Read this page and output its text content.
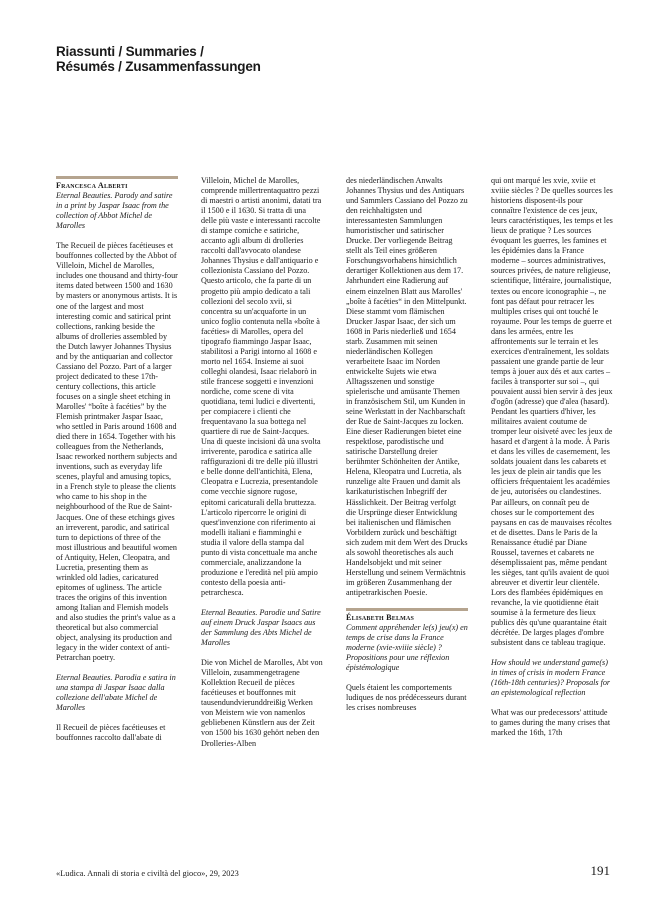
Riassunti / Summaries /
Résumés / Zusammenfassungen

Francesca Alberti

Eternal Beauties. Parody and satire in a print by Jaspar Isaac from the collection of Abbot Michel de Marolles

The Recueil de pièces facétieuses et bouffonnes collected by the Abbot of Villeloin, Michel de Marolles, includes one thousand and thirty-four items dated between 1500 and 1630 by masters or anonymous artists. It is one of the largest and most interesting comic and satirical print collections, ranking beside the albums of drolleries assembled by the Dutch lawyer Johannes Thysius and by the antiquarian and collector Cassiano del Pozzo. Part of a larger project dedicated to these 17th-century collections, this article focuses on a single sheet etching in Marolles' “boîte à facéties” by the Flemish printmaker Jaspar Isaac, who settled in Paris around 1608 and died there in 1654. Together with his colleagues from the Netherlands, Isaac reworked northern subjects and inventions, such as everyday life scenes, playful and amusing topics, in a French style to please the clients who came to his shop in the neighbourhood of the Rue de Saint-Jacques. One of these etchings gives an irreverent, parodic, and satirical turn to depictions of three of the most illustrious and beautiful women of Antiquity, Helen, Cleopatra, and Lucretia, presenting them as wrinkled old ladies, caricatured epitomes of ugliness. The article traces the origins of this invention among Italian and Flemish models and also studies the print's value as a theoretical but also commercial object, analysing its production and legacy in the wider context of anti-Petrarchan poetry.

Eternal Beauties. Parodia e satira in una stampa di Jaspar Isaac dalla collezione dell'abate Michel de Marolles

Il Recueil de pièces facétieuses et bouffonnes raccolto dall'abate di

Villeloin, Michel de Marolles, comprende millertrentaquattro pezzi di maestri o artisti anonimi, datati tra il 1500 e il 1630. Si tratta di una delle più vaste e interessanti raccolte di stampe comiche e satiriche, accanto agli album di drolleries raccolti dall'avvocato olandese Johannes Thysius e dall'antiquario e collezionista Cassiano del Pozzo. Questo articolo, che fa parte di un progetto più ampio dedicato a tali collezioni del secolo xvii, si concentra su un'acquaforte in un unico foglio contenuta nella «boîte à facéties» di Marolles, opera del tipografo fiammingo Jaspar Isaac, stabilitosi a Parigi intorno al 1608 e morto nel 1654. Insieme ai suoi colleghi olandesi, Isaac rielaborò in stile francese soggetti e invenzioni nordiche, come scene di vita quotidiana, temi ludici e divertenti, per compiacere i clienti che frequentavano la sua bottega nel quartiere di rue de Saint-Jacques. Una di queste incisioni dà una svolta irriverente, parodica e satirica alle raffigurazioni di tre delle più illustri e belle donne dell'antichità, Elena, Cleopatra e Lucrezia, presentandole come vecchie signore rugose, epitomi caricaturali della bruttezza. L'articolo ripercorre le origini di quest'invenzione con riferimento ai modelli italiani e fiamminghi e studia il valore della stampa dal punto di vista concettuale ma anche commerciale, analizzandone la produzione e l'eredità nel più ampio contesto della poesia anti-petrarchesca.

Eternal Beauties. Parodie und Satire auf einem Druck Jaspar Isaacs aus der Sammlung des Abts Michel de Marolles

Die von Michel de Marolles, Abt von Villeloin, zusammengetragene Kollektion Recueil de pièces facétieuses et bouffonnes mit tausendundvierunddreißig Werken von Meistern wie von namenlos gebliebenen Künstlern aus der Zeit von 1500 bis 1630 gehört neben den Drolleries-Alben

des niederländischen Anwalts Johannes Thysius und des Antiquars und Sammlers Cassiano del Pozzo zu den reichhaltigsten und interessantesten Sammlungen humoristischer und satirischer Drucke. Der vorliegende Beitrag stellt als Teil eines größeren Forschungsvorhabens hinsichtlich derartiger Kollektionen aus dem 17. Jahrhundert eine Radierung auf einem einzelnen Blatt aus Marolles' „boîte à facéties“ in den Mittelpunkt. Diese stammt vom flämischen Drucker Jaspar Isaac, der sich um 1608 in Paris niederließ und 1654 starb. Zusammen mit seinen niederländischen Kollegen verarbeitete Isaac im Norden entwickelte Sujets wie etwa Alltagsszenen und sonstige spielerische und amüsante Themen in französischem Stil, um Kunden in seine Werkstatt in der Nachbarschaft der Rue de Saint-Jacques zu locken. Eine dieser Radierungen bietet eine respektlose, parodistische und satirische Darstellung dreier berühmter Schönheiten der Antike, Helena, Kleopatra und Lucretia, als runzelige alte Frauen und damit als karikaturistischen Inbegriff der Hässlichkeit. Der Beitrag verfolgt die Ursprünge dieser Entwicklung bei italienischen und flämischen Vorbildern zurück und beschäftigt sich zudem mit dem Wert des Drucks als sowohl theoretisches als auch Handelsobjekt und mit seiner Herstellung und seinem Vermächtnis im größeren Zusammenhang der antipetrarkischen Poesie.

Élisabeth Belmas

Comment appréhender le(s) jeu(x) en temps de crise dans la France moderne (xvie-xviiie siècle) ? Propositions pour une réflexion épistémologique

Quels étaient les comportements ludiques de nos prédécesseurs durant les crises nombreuses

qui ont marqué les xvie, xviie et xviiie siècles ? De quelles sources les historiens disposent-ils pour connaître l'existence de ces jeux, leurs caractéristiques, les temps et les lieux de pratique ? Les sources évoquant les guerres, les famines et les épidémies dans la France moderne – sources administratives, sources privées, de nature religieuse, scientifique, littéraire, journalistique, textes ou encore iconographie –, ne font pas défaut pour retracer les multiples crises qui ont touché le royaume. Pour les temps de guerre et dans les armées, entre les affrontements sur le terrain et les exercices d'entraînement, les soldats passaient une grande partie de leur temps à jouer aux dés et aux cartes – faciles à transporter sur soi –, qui pouvaient aussi bien servir à des jeux d'ogôn (adresse) que d'alea (hasard). Pendant les quartiers d'hiver, les militaires avaient coutume de tromper leur oisiveté avec les jeux de hasard et d'argent à la mode. À Paris et dans les villes de casernement, les soldats jouaient dans les cabarets et les jeux de plein air tandis que les officiers fréquentaient les académies de jeu, autorisées ou clandestines. Par ailleurs, on connaît peu de choses sur le comportement des paysans en cas de mauvaises récoltes et de disettes. Dans le Paris de la Renaissance étudié par Diane Roussel, tavernes et cabarets ne désemplissaient pas, même pendant les sièges, tant qu'ils avaient de quoi abreuver et divertir leur clientèle. Lors des flambées épidémiques en revanche, la vie quotidienne était soumise à la fermeture des lieux publics dès qu'une quarantaine était décrétée. De larges plages d'ombre subsistent dans ce tableau tragique.

How should we understand game(s) in times of crisis in modern France (16th-18th centuries)? Proposals for an epistemological reflection

What was our predecessors' attitude to games during the many crises that marked the 16th, 17th

«Ludica. Annali di storia e civiltà del gioco», 29, 2023	191
